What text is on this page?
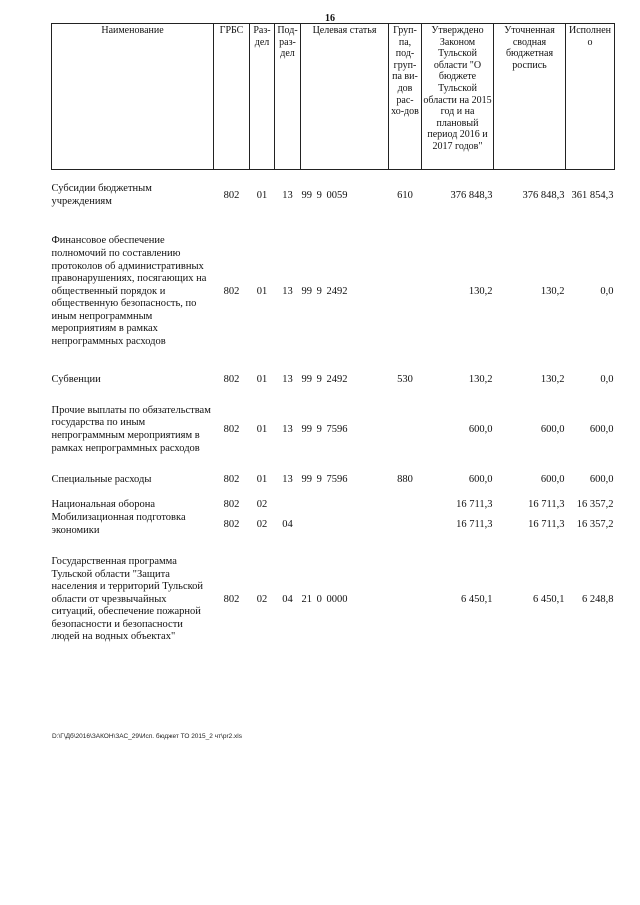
16
Наименование	ГРБС	Раз-дел	Под-раз-дел	Целевая статья	Груп-па, под-груп-па ви-дов рас-хо-дов	Утверждено Законом Тульской области "О бюджете Тульской области на 2015 год и на плановый период 2016 и 2017 годов"	Уточненная сводная бюджетная роспись	Исполнено

Субсидии бюджетным учреждениям	802	01	13	99 9 0059	610	376 848,3	376 848,3	361 854,3

Финансовое обеспечение полномочий по составлению протоколов об административных правонарушениях, посягающих на общественный порядок и общественную безопасность, по иным непрограммным мероприятиям в рамках непрограммных расходов	802	01	13	99 9 2492		130,2	130,2	0,0

Субвенции	802	01	13	99 9 2492	530	130,2	130,2	0,0

Прочие выплаты по обязательствам государства по иным непрограммным мероприятиям в рамках непрограммных расходов	802	01	13	99 9 7596		600,0	600,0	600,0

Специальные расходы	802	01	13	99 9 7596	880	600,0	600,0	600,0

Национальная оборона	802	02				16 711,3	16 711,3	16 357,2
Мобилизационная подготовка экономики	802	02	04			16 711,3	16 711,3	16 357,2

Государственная программа Тульской области "Защита населения и территорий Тульской области от чрезвычайных ситуаций, обеспечение пожарной безопасности и безопасности людей на водных объектах"	802	02	04	21 0 0000		6 450,1	6 450,1	6 248,8
D:\Г\Дб\2016\ЗАКОН\ЗАС_29\Исп. бюджет ТО 2015_2 чт\pr2.xls
